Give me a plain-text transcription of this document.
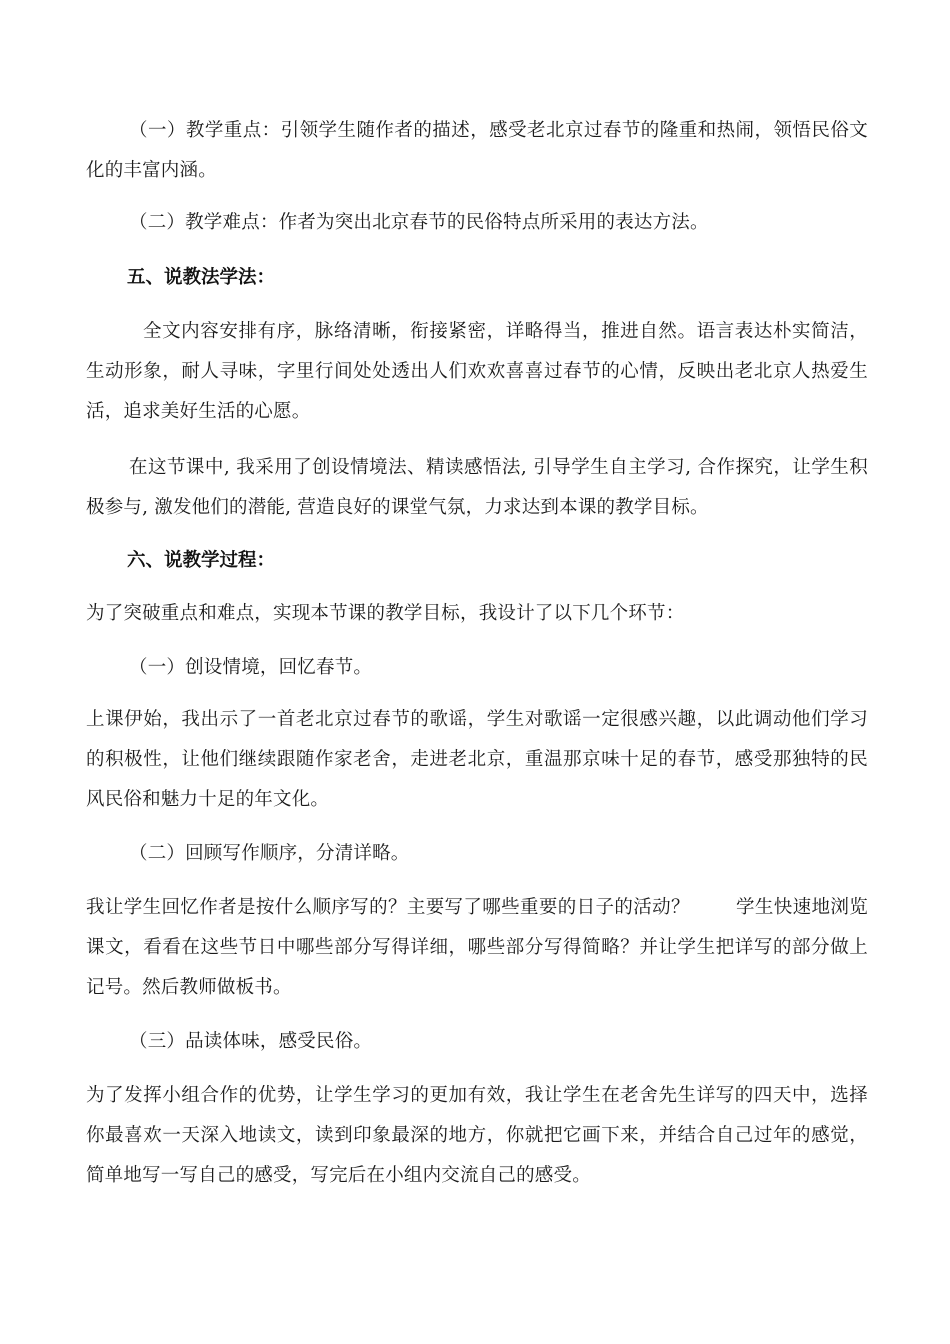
（一）教学重点：引领学生随作者的描述，感受老北京过春节的隆重和热闹，领悟民俗文化的丰富内涵。

（二）教学难点：作者为突出北京春节的民俗特点所采用的表达方法。

五、说教法学法：

全文内容安排有序，脉络清晰，衔接紧密，详略得当，推进自然。语言表达朴实简洁，生动形象，耐人寻味，字里行间处处透出人们欢欢喜喜过春节的心情，反映出老北京人热爱生活，追求美好生活的心愿。

在这节课中, 我采用了创设情境法、精读感悟法, 引导学生自主学习, 合作探究，让学生积极参与, 激发他们的潜能, 营造良好的课堂气氛，力求达到本课的教学目标。

六、说教学过程：

为了突破重点和难点，实现本节课的教学目标，我设计了以下几个环节：

（一）创设情境，回忆春节。

上课伊始，我出示了一首老北京过春节的歌谣，学生对歌谣一定很感兴趣，以此调动他们学习的积极性，让他们继续跟随作家老舍，走进老北京，重温那京味十足的春节，感受那独特的民风民俗和魅力十足的年文化。

（二）回顾写作顺序，分清详略。

我让学生回忆作者是按什么顺序写的？主要写了哪些重要的日子的活动？ 学生快速地浏览课文，看看在这些节日中哪些部分写得详细，哪些部分写得简略？并让学生把详写的部分做上记号。然后教师做板书。

（三）品读体味，感受民俗。

为了发挥小组合作的优势，让学生学习的更加有效，我让学生在老舍先生详写的四天中，选择你最喜欢一天深入地读文，读到印象最深的地方，你就把它画下来，并结合自己过年的感觉，简单地写一写自己的感受，写完后在小组内交流自己的感受。
